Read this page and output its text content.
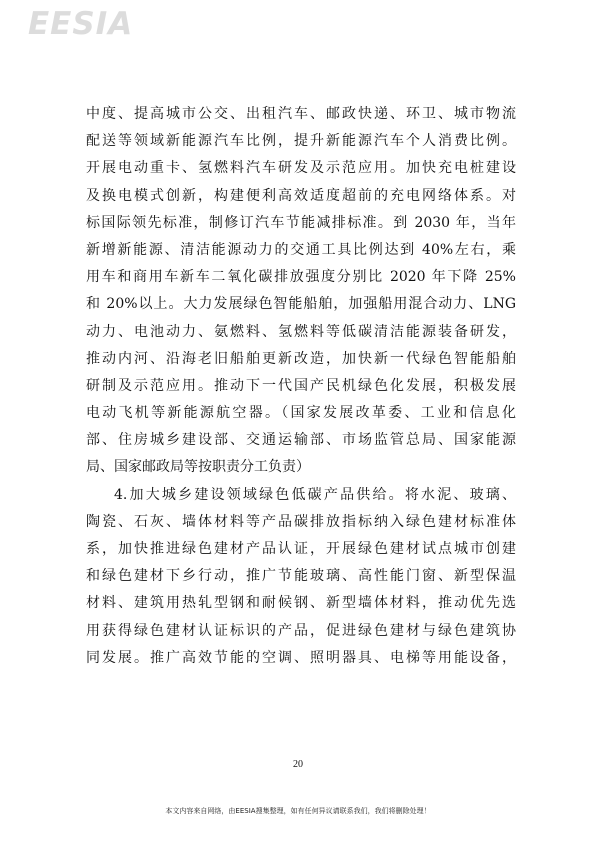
EESIA
中度、提高城市公交、出租汽车、邮政快递、环卫、城市物流
配送等领域新能源汽车比例，提升新能源汽车个人消费比例。
开展电动重卡、氢燃料汽车研发及示范应用。加快充电桩建设
及换电模式创新，构建便利高效适度超前的充电网络体系。对
标国际领先标准，制修订汽车节能减排标准。到 2030 年，当年
新增新能源、清洁能源动力的交通工具比例达到 40%左右，乘
用车和商用车新车二氧化碳排放强度分别比 2020 年下降 25%
和 20%以上。大力发展绿色智能船舶，加强船用混合动力、LNG
动力、电池动力、氨燃料、氢燃料等低碳清洁能源装备研发，
推动内河、沿海老旧船舶更新改造，加快新一代绿色智能船舶
研制及示范应用。推动下一代国产民机绿色化发展，积极发展
电动飞机等新能源航空器。（国家发展改革委、工业和信息化
部、住房城乡建设部、交通运输部、市场监管总局、国家能源
局、国家邮政局等按职责分工负责）
4.加大城乡建设领域绿色低碳产品供给。将水泥、玻璃、
陶瓷、石灰、墙体材料等产品碳排放指标纳入绿色建材标准体
系，加快推进绿色建材产品认证，开展绿色建材试点城市创建
和绿色建材下乡行动，推广节能玻璃、高性能门窗、新型保温
材料、建筑用热轧型钢和耐候钢、新型墙体材料，推动优先选
用获得绿色建材认证标识的产品，促进绿色建材与绿色建筑协
同发展。推广高效节能的空调、照明器具、电梯等用能设备，
20
本文内容来自网络，由EESIA搜集整理，如有任何异议请联系我们，我们将删除处理！
